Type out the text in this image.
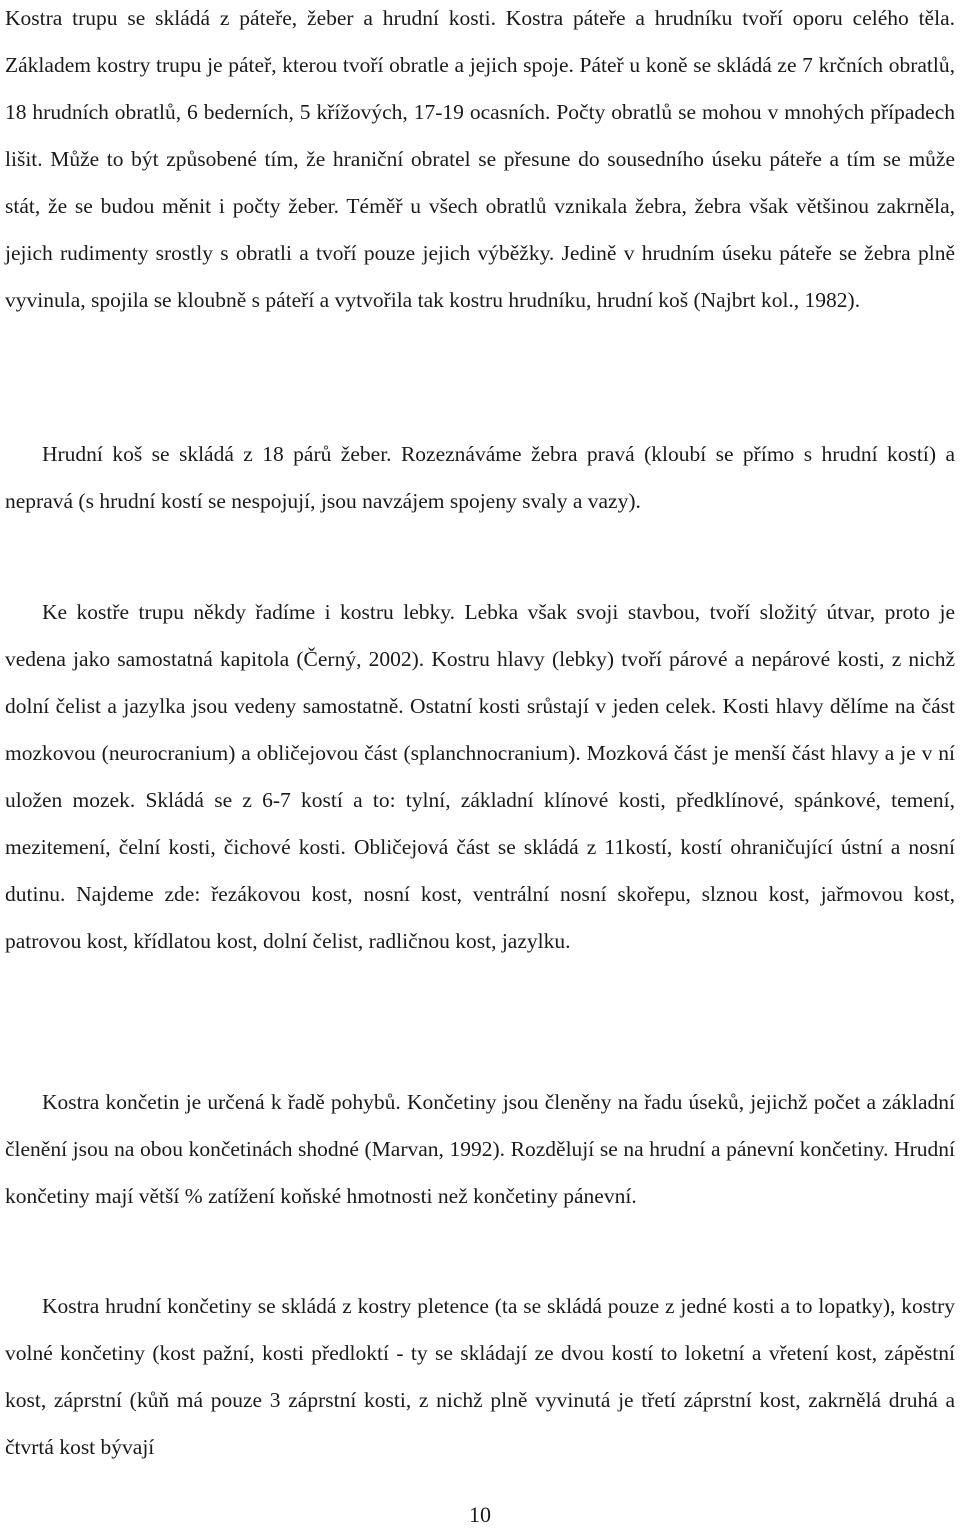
Kostra trupu se skládá z páteře, žeber a hrudní kosti. Kostra páteře a hrudníku tvoří oporu celého těla. Základem kostry trupu je páteř, kterou tvoří obratle a jejich spoje. Páteř u koně se skládá ze 7 krčních obratlů, 18 hrudních obratlů, 6 bederních, 5 křížových, 17-19 ocasních. Počty obratlů se mohou v mnohých případech lišit. Může to být způsobené tím, že hraniční obratel se přesune do sousedního úseku páteře a tím se může stát, že se budou měnit i počty žeber. Téměř u všech obratlů vznikala žebra, žebra však většinou zakrněla, jejich rudimenty srostly s obratli a tvoří pouze jejich výběžky. Jedině v hrudním úseku páteře se žebra plně vyvinula, spojila se kloubně s páteří a vytvořila tak kostru hrudníku, hrudní koš (Najbrt kol., 1982).

Hrudní koš se skládá z 18 párů žeber. Rozeznáváme žebra pravá (kloubí se přímo s hrudní kostí) a nepravá (s hrudní kostí se nespojují, jsou navzájem spojeny svaly a vazy).

Ke kostře trupu někdy řadíme i kostru lebky. Lebka však svoji stavbou, tvoří složitý útvar, proto je vedena jako samostatná kapitola (Černý, 2002). Kostru hlavy (lebky) tvoří párové a nepárové kosti, z nichž dolní čelist a jazylka jsou vedeny samostatně. Ostatní kosti srůstají v jeden celek. Kosti hlavy dělíme na část mozkovou (neurocranium) a obličejovou část (splanchnocranium). Mozková část je menší část hlavy a je v ní uložen mozek. Skládá se z 6-7 kostí a to: tylní, základní klínové kosti, předklínové, spánkové, temení, mezitemení, čelní kosti, čichové kosti. Obličejová část se skládá z 11kostí, kostí ohraničující ústní a nosní dutinu. Najdeme zde: řezákovou kost, nosní kost, ventrální nosní skořepu, slznou kost, jařmovou kost, patrovou kost, křídlatou kost, dolní čelist, radličnou kost, jazylku.

Kostra končetin je určená k řadě pohybů. Končetiny jsou členěny na řadu úseků, jejichž počet a základní členění jsou na obou končetinách shodné (Marvan, 1992). Rozdělují se na hrudní a pánevní končetiny. Hrudní končetiny mají větší % zatížení koňské hmotnosti než končetiny pánevní.

Kostra hrudní končetiny se skládá z kostry pletence (ta se skládá pouze z jedné kosti a to lopatky), kostry volné končetiny (kost pažní, kosti předloktí - ty se skládají ze dvou kostí to loketní a vřetení kost, zápěstní kost, záprstní (kůň má pouze 3 záprstní kosti, z nichž plně vyvinutá je třetí záprstní kost, zakrnělá druhá a čtvrtá kost bývají

10
